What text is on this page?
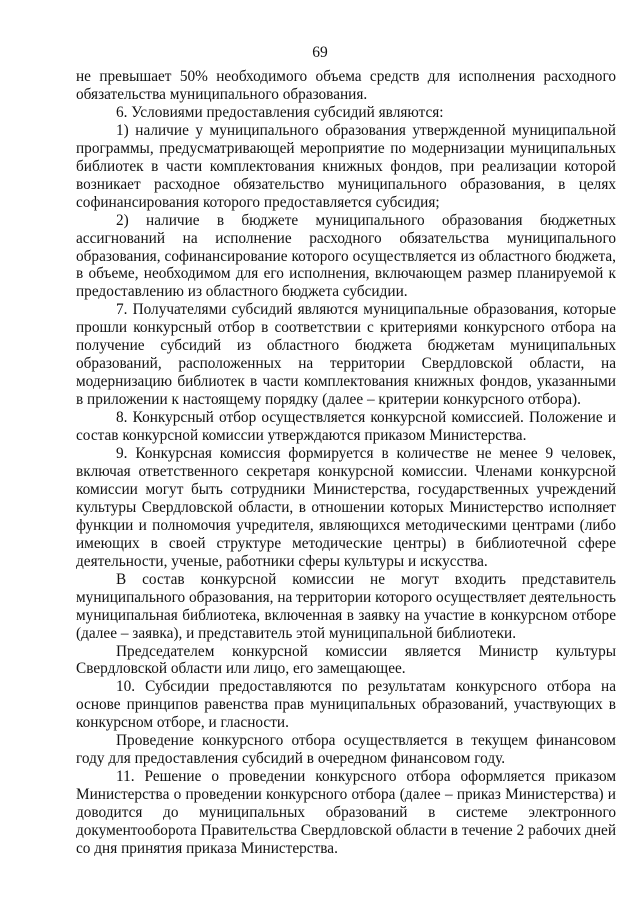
69

не превышает 50% необходимого объема средств для исполнения расходного обязательства муниципального образования.

6. Условиями предоставления субсидий являются:

1) наличие у муниципального образования утвержденной муниципальной программы, предусматривающей мероприятие по модернизации муниципальных библиотек в части комплектования книжных фондов, при реализации которой возникает расходное обязательство муниципального образования, в целях софинансирования которого предоставляется субсидия;

2) наличие в бюджете муниципального образования бюджетных ассигнований на исполнение расходного обязательства муниципального образования, софинансирование которого осуществляется из областного бюджета, в объеме, необходимом для его исполнения, включающем размер планируемой к предоставлению из областного бюджета субсидии.

7. Получателями субсидий являются муниципальные образования, которые прошли конкурсный отбор в соответствии с критериями конкурсного отбора на получение субсидий из областного бюджета бюджетам муниципальных образований, расположенных на территории Свердловской области, на модернизацию библиотек в части комплектования книжных фондов, указанными в приложении к настоящему порядку (далее – критерии конкурсного отбора).

8. Конкурсный отбор осуществляется конкурсной комиссией. Положение и состав конкурсной комиссии утверждаются приказом Министерства.

9. Конкурсная комиссия формируется в количестве не менее 9 человек, включая ответственного секретаря конкурсной комиссии. Членами конкурсной комиссии могут быть сотрудники Министерства, государственных учреждений культуры Свердловской области, в отношении которых Министерство исполняет функции и полномочия учредителя, являющихся методическими центрами (либо имеющих в своей структуре методические центры) в библиотечной сфере деятельности, ученые, работники сферы культуры и искусства.

В состав конкурсной комиссии не могут входить представитель муниципального образования, на территории которого осуществляет деятельность муниципальная библиотека, включенная в заявку на участие в конкурсном отборе (далее – заявка), и представитель этой муниципальной библиотеки.

Председателем конкурсной комиссии является Министр культуры Свердловской области или лицо, его замещающее.

10. Субсидии предоставляются по результатам конкурсного отбора на основе принципов равенства прав муниципальных образований, участвующих в конкурсном отборе, и гласности.

Проведение конкурсного отбора осуществляется в текущем финансовом году для предоставления субсидий в очередном финансовом году.

11. Решение о проведении конкурсного отбора оформляется приказом Министерства о проведении конкурсного отбора (далее – приказ Министерства) и доводится до муниципальных образований в системе электронного документооборота Правительства Свердловской области в течение 2 рабочих дней со дня принятия приказа Министерства.
